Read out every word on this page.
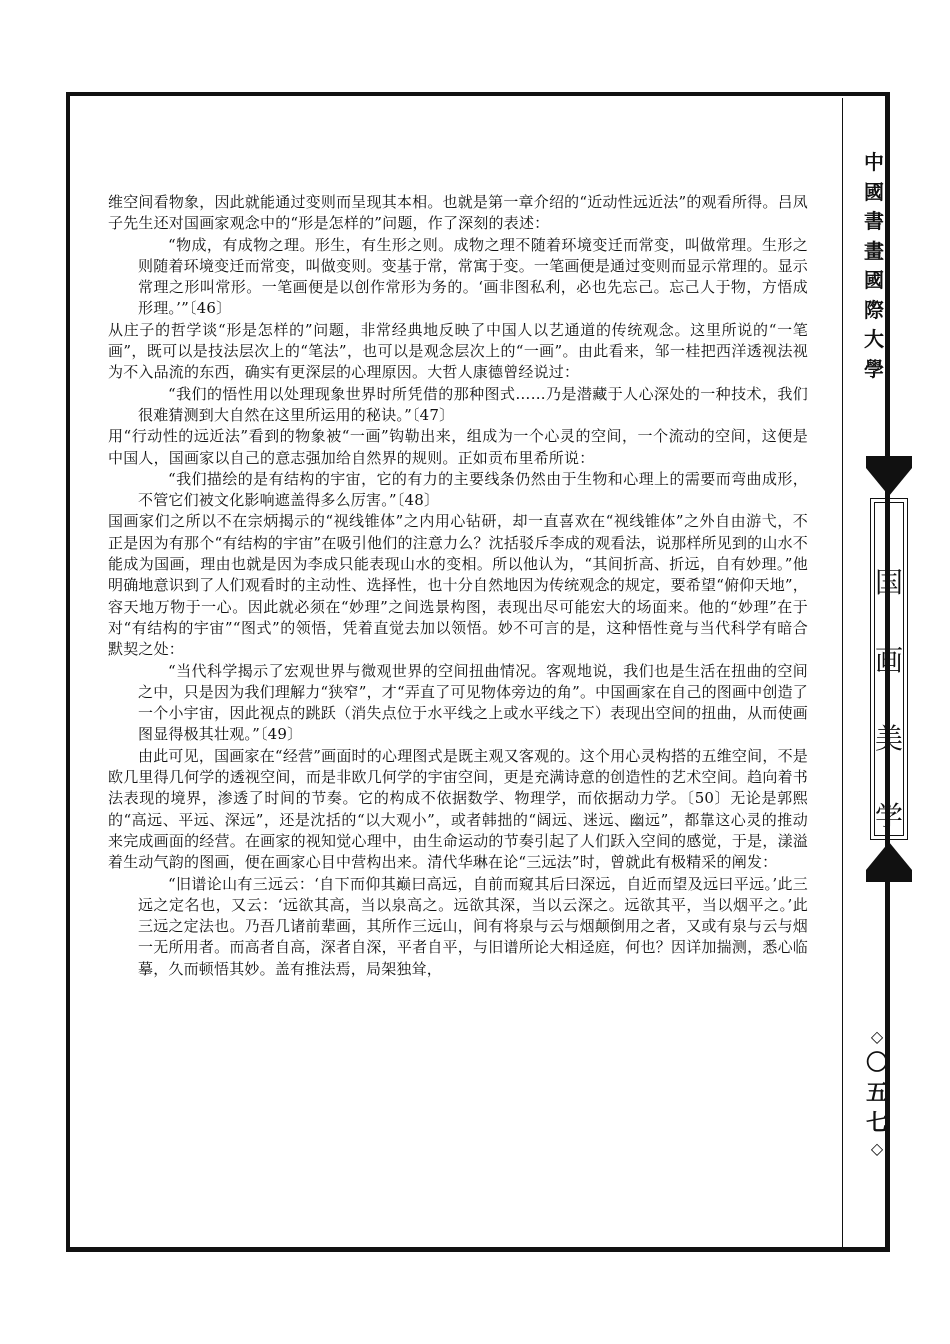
维空间看物象，因此就能通过变则而呈现其本相。也就是第一章介绍的“近动性远近法”的观看所得。吕凤子先生还对国画家观念中的“形是怎样的”问题，作了深刻的表述：

“物成，有成物之理。形生，有生形之则。成物之理不随着环境变迁而常变，叫做常理。生形之则随着环境变迁而常变，叫做变则。变基于常，常寓于变。一笔画便是通过变则而显示常理的。显示常理之形叫常形。一笔画便是以创作常形为务的。‘画非图私利，必也先忘己。忘己人于物，方悟成形理。’”〔46〕

从庄子的哲学谈“形是怎样的”问题，非常经典地反映了中国人以艺通道的传统观念。这里所说的“一笔画”，既可以是技法层次上的“笔法”，也可以是观念层次上的“一画”。由此看来，邹一桂把西洋透视法视为不入品流的东西，确实有更深层的心理原因。大哲人康德曾经说过：

“我们的悟性用以处理现象世界时所凭借的那种图式……乃是潜藏于人心深处的一种技术，我们很难猜测到大自然在这里所运用的秘诀。”〔47〕

用“行动性的远近法”看到的物象被“一画”钩勒出来，组成为一个心灵的空间，一个流动的空间，这便是中国人，国画家以自己的意志强加给自然界的规则。正如贡布里希所说：

“我们描绘的是有结构的宇宙，它的有力的主要线条仍然由于生物和心理上的需要而弯曲成形，不管它们被文化影响遮盖得多么厉害。”〔48〕

国画家们之所以不在宗炳揭示的“视线锥体”之内用心钻研，却一直喜欢在“视线锥体”之外自由游弋，不正是因为有那个“有结构的宇宙”在吸引他们的注意力么？沈括驳斥李成的观看法，说那样所见到的山水不能成为国画，理由也就是因为李成只能表现山水的变相。所以他认为，“其间折高、折远，自有妙理。”他明确地意识到了人们观看时的主动性、选择性，也十分自然地因为传统观念的规定，要希望“俯仰天地”，容天地万物于一心。因此就必须在“妙理”之间选景构图，表现出尽可能宏大的场面来。他的“妙理”在于对“有结构的宇宙”“图式”的领悟，凭着直觉去加以领悟。妙不可言的是，这种悟性竟与当代科学有暗合默契之处：

“当代科学揭示了宏观世界与微观世界的空间扭曲情况。客观地说，我们也是生活在扭曲的空间之中，只是因为我们理解力“狭窄”，才“弄直了可见物体旁边的角”。中国画家在自己的图画中创造了一个小宇宙，因此视点的跳跃（消失点位于水平线之上或水平线之下）表现出空间的扭曲，从而使画图显得极其壮观。”〔49〕

由此可见，国画家在“经营”画面时的心理图式是既主观又客观的。这个用心灵构搭的五维空间，不是欧几里得几何学的透视空间，而是非欧几何学的宇宙空间，更是充满诗意的创造性的艺术空间。趋向着书法表现的境界，渗透了时间的节奏。它的构成不依据数学、物理学，而依据动力学。〔50〕无论是郭熙的“高远、平远、深远”，还是沈括的“以大观小”，或者韩拙的“阔远、迷远、幽远”，都靠这心灵的推动来完成画面的经营。在画家的视知觉心理中，由生命运动的节奏引起了人们跃入空间的感觉，于是，漾溢着生动气韵的图画，便在画家心目中营构出来。清代华琳在论“三远法”时，曾就此有极精采的阐发：

“旧谱论山有三远云：‘自下而仰其巅曰高远，自前而窥其后曰深远，自近而望及远曰平远。’此三远之定名也，又云：‘远欲其高，当以泉高之。远欲其深，当以云深之。远欲其平，当以烟平之。’此三远之定法也。乃吾几诸前辈画，其所作三远山，间有将泉与云与烟颠倒用之者，又或有泉与云与烟一无所用者。而高者自高，深者自深，平者自平，与旧谱所论大相迳庭，何也？因详加揣测，悉心临摹，久而顿悟其妙。盖有推法焉，局架独耸，

中
國
書
畫
國
際
大
學
国
画
美
学
◇
〇
五
七
◇
